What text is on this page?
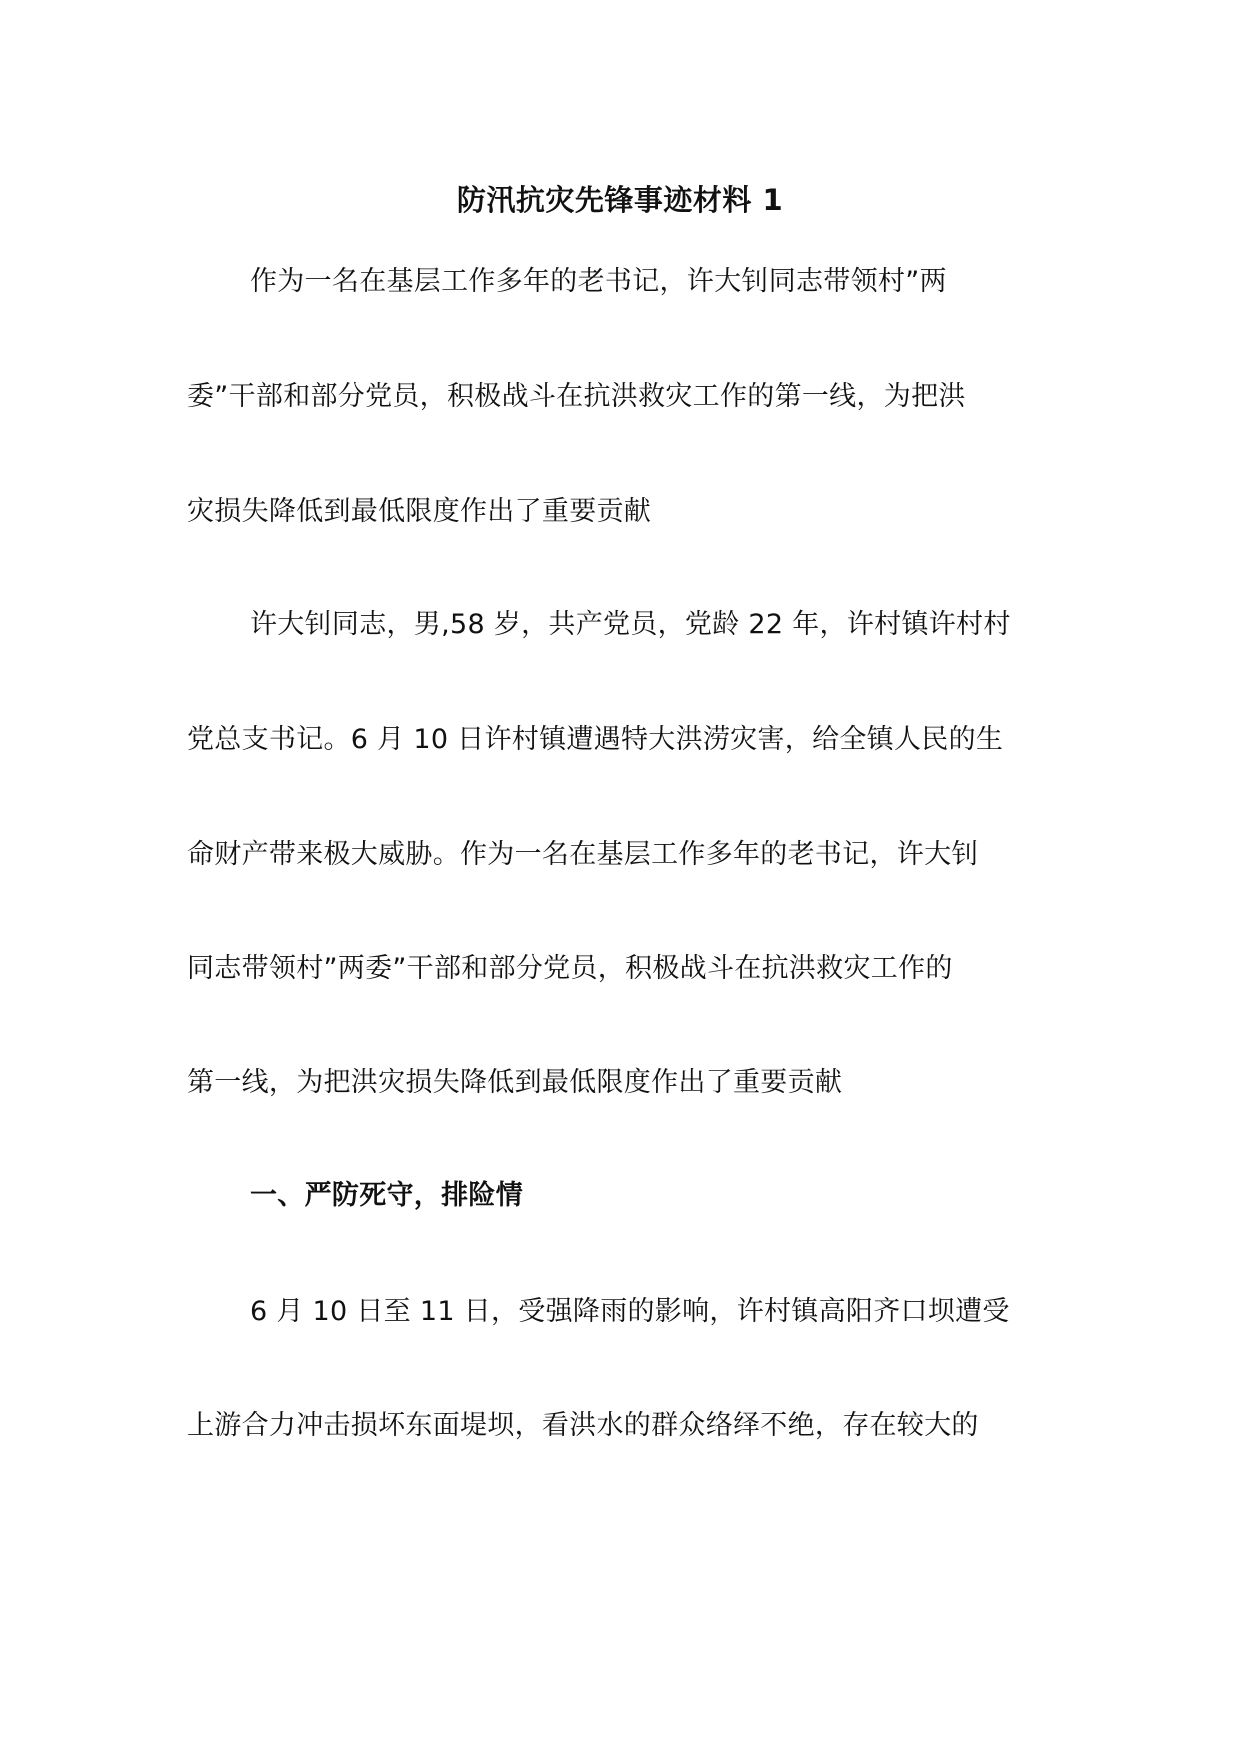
防汛抗灾先锋事迹材料 1
作为一名在基层工作多年的老书记，许大钊同志带领村”两
委”干部和部分党员，积极战斗在抗洪救灾工作的第一线，为把洪
灾损失降低到最低限度作出了重要贡献
许大钊同志，男,58 岁，共产党员，党龄 22 年，许村镇许村村
党总支书记。6 月 10 日许村镇遭遇特大洪涝灾害，给全镇人民的生
命财产带来极大威胁。作为一名在基层工作多年的老书记，许大钊
同志带领村”两委”干部和部分党员，积极战斗在抗洪救灾工作的
第一线，为把洪灾损失降低到最低限度作出了重要贡献
一、严防死守，排险情
6 月 10 日至 11 日，受强降雨的影响，许村镇高阳齐口坝遭受
上游合力冲击损坏东面堤坝，看洪水的群众络绎不绝，存在较大的
